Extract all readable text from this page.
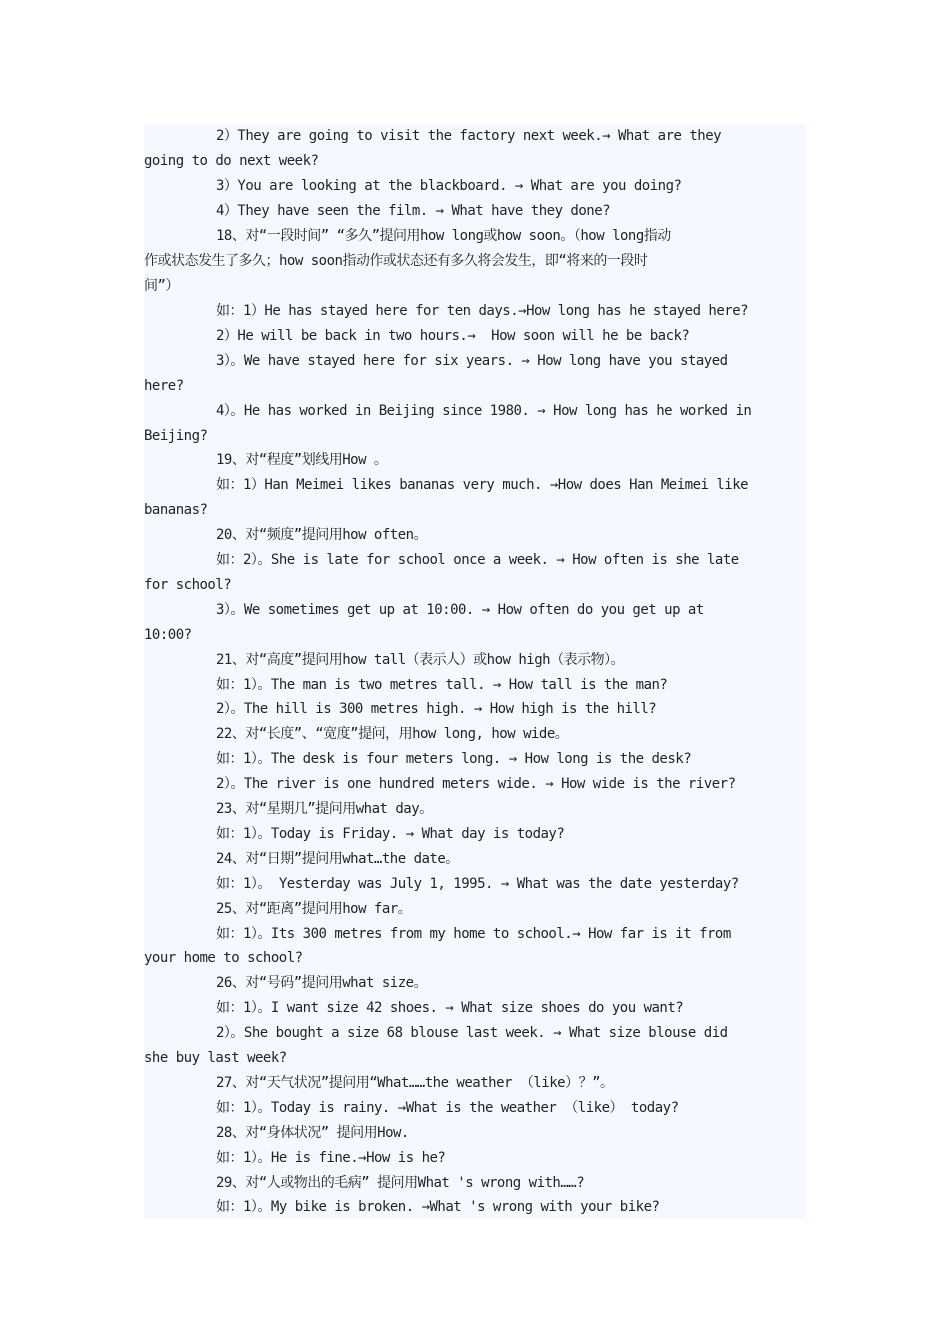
2）They are going to visit the factory next week.→ What are they
going to do next week?
3）You are looking at the blackboard. → What are you doing?
4）They have seen the film. → What have they done?
18、对“一段时间” “多久”提问用how long或how soon。（how long指动
作或状态发生了多久；how soon指动作或状态还有多久将会发生，即“将来的一段时
间”）
如：1）He has stayed here for ten days.→How long has he stayed here?
2）He will be back in two hours.→  How soon will he be back?
3）。We have stayed here for six years. → How long have you stayed
here?
4）。He has worked in Beijing since 1980. → How long has he worked in
Beijing?
19、对“程度”划线用How 。
如：1）Han Meimei likes bananas very much. →How does Han Meimei like
bananas?
20、对“频度”提问用how often。
如：2）。She is late for school once a week. → How often is she late
for school?
3）。We sometimes get up at 10:00. → How often do you get up at
10:00?
21、对“高度”提问用how tall（表示人）或how high（表示物）。
如：1）。The man is two metres tall. → How tall is the man?
2）。The hill is 300 metres high. → How high is the hill?
22、对“长度”、“宽度”提问，用how long, how wide。
如：1）。The desk is four meters long. → How long is the desk?
2）。The river is one hundred meters wide. → How wide is the river?
23、对“星期几”提问用what day。
如：1）。Today is Friday. → What day is today?
24、对“日期”提问用what…the date。
如：1）。 Yesterday was July 1, 1995. → What was the date yesterday?
25、对“距离”提问用how far。
如：1）。Its 300 metres from my home to school.→ How far is it from
your home to school?
26、对“号码”提问用what size。
如：1）。I want size 42 shoes. → What size shoes do you want?
2）。She bought a size 68 blouse last week. → What size blouse did
she buy last week?
27、对“天气状况”提问用“What……the weather （like）？”。
如：1）。Today is rainy. →What is the weather （like） today?
28、对“身体状况” 提问用How.
如：1）。He is fine.→How is he?
29、对“人或物出的毛病” 提问用What 's wrong with……?
如：1）。My bike is broken. →What 's wrong with your bike?
